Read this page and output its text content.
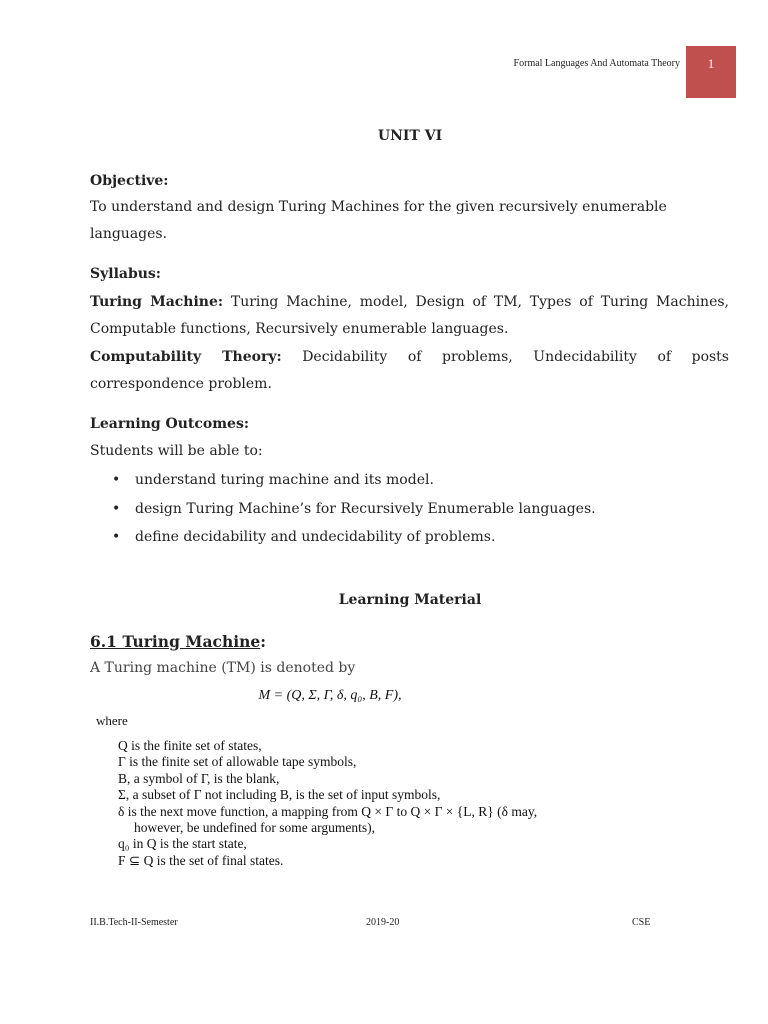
Formal Languages And Automata Theory 1
UNIT VI
Objective:
To understand and design Turing Machines for the given recursively enumerable
languages.
Syllabus:
Turing Machine: Turing Machine, model, Design of TM, Types of Turing Machines,
Computable functions, Recursively enumerable languages.
Computability Theory: Decidability of problems, Undecidability of posts
correspondence problem.
Learning Outcomes:
Students will be able to:
• understand turing machine and its model.
• design Turing Machine’s for Recursively Enumerable languages.
• define decidability and undecidability of problems.
Learning Material
6.1 Turing Machine:
A Turing machine (TM) is denoted by
M = (Q, Σ, Γ, δ, q₀, B, F),
where
Q is the finite set of states,
Γ is the finite set of allowable tape symbols,
B, a symbol of Γ, is the blank,
Σ, a subset of Γ not including B, is the set of input symbols,
δ is the next move function, a mapping from Q × Γ to Q × Γ × {L, R} (δ may,
however, be undefined for some arguments),
q₀ in Q is the start state,
F ⊆ Q is the set of final states.
II.B.Tech-II-Semester	2019-20	CSE
